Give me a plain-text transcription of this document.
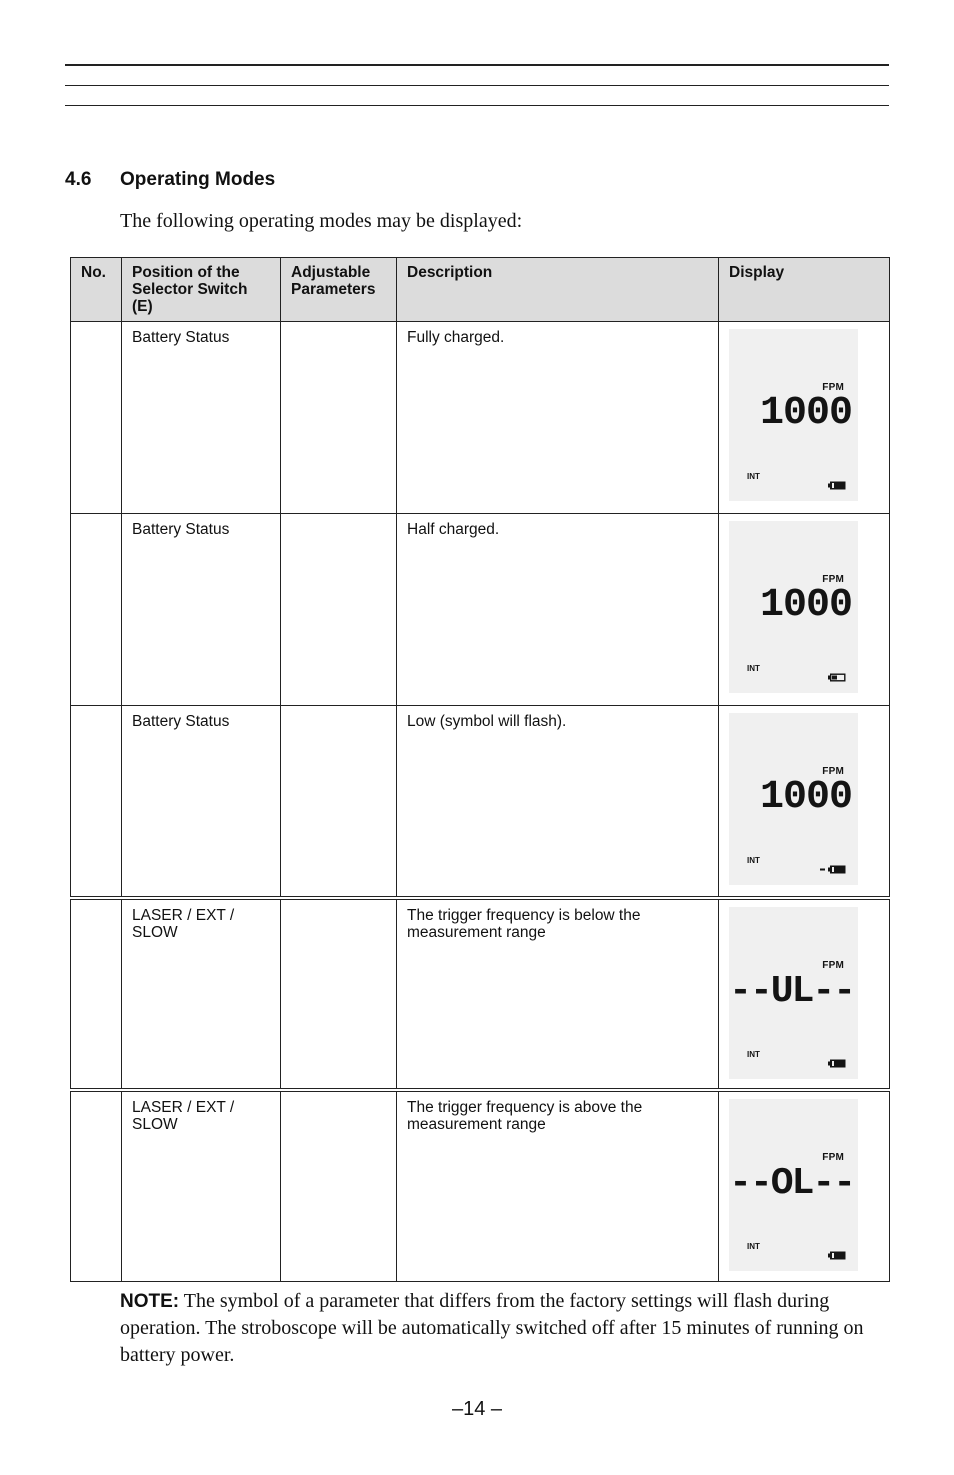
4.6 Operating Modes
The following operating modes may be displayed:
No.	Position of the Selector Switch (E)	Adjustable Parameters	Description	Display
	Battery Status		Fully charged.	FPM
1000
INT

	Battery Status		Half charged.	FPM
1000
INT

	Battery Status		Low (symbol will flash).	FPM
1000
INT

	LASER / EXT / SLOW		The trigger frequency is below the measurement range	FPM
--UL--
INT

	LASER / EXT / SLOW		The trigger frequency is above the measurement range	FPM
--OL--
INT
NOTE: The symbol of a parameter that differs from the factory settings will flash during operation. The stroboscope will be automatically switched off after 15 minutes of running on battery power.
–14 –
